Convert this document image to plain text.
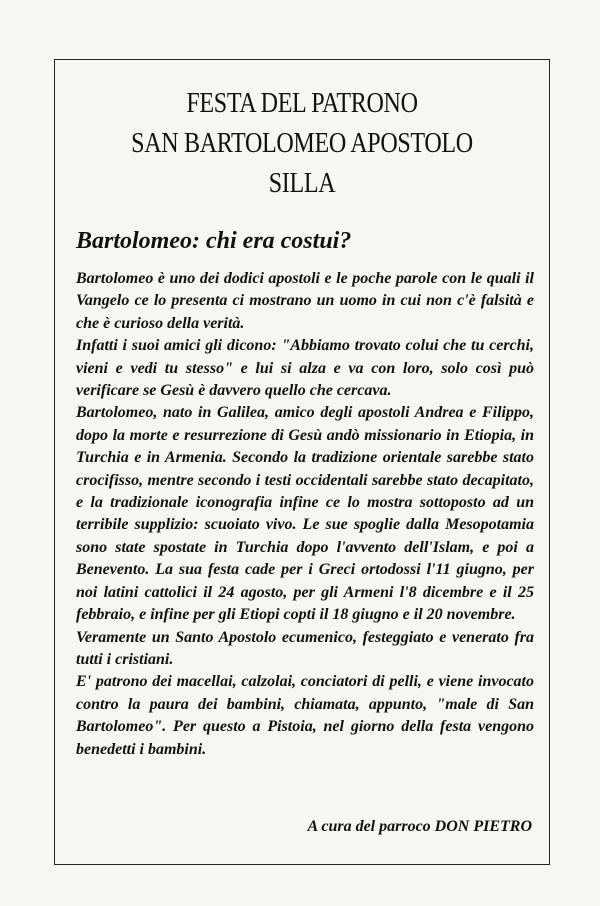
FESTA DEL PATRONO
SAN BARTOLOMEO APOSTOLO
SILLA
Bartolomeo: chi era costui?

Bartolomeo è uno dei dodici apostoli e le poche parole con le quali il Vangelo ce lo presenta ci mostrano un uomo in cui non c'è falsità e che è curioso della verità.

Infatti i suoi amici gli dicono: "Abbiamo trovato colui che tu cerchi, vieni e vedi tu stesso" e lui si alza e va con loro, solo così può verificare se Gesù è davvero quello che cercava.

Bartolomeo, nato in Galilea, amico degli apostoli Andrea e Filippo, dopo la morte e resurrezione di Gesù andò missionario in Etiopia, in Turchia e in Armenia. Secondo la tradizione orientale sarebbe stato crocifisso, mentre secondo i testi occidentali sarebbe stato decapitato, e la tradizionale iconografia infine ce lo mostra sottoposto ad un terribile supplizio: scuoiato vivo. Le sue spoglie dalla Mesopotamia sono state spostate in Turchia dopo l'avvento dell'Islam, e poi a Benevento. La sua festa cade per i Greci ortodossi l'11 giugno, per noi latini cattolici il 24 agosto, per gli Armeni l'8 dicembre e il 25 febbraio, e infine per gli Etiopi copti il 18 giugno e il 20 novembre.

Veramente un Santo Apostolo ecumenico, festeggiato e venerato fra tutti i cristiani.

E' patrono dei macellai, calzolai, conciatori di pelli, e viene invocato contro la paura dei bambini, chiamata, appunto, "male di San Bartolomeo". Per questo a Pistoia, nel giorno della festa vengono benedetti i bambini.

A cura del parroco DON PIETRO
